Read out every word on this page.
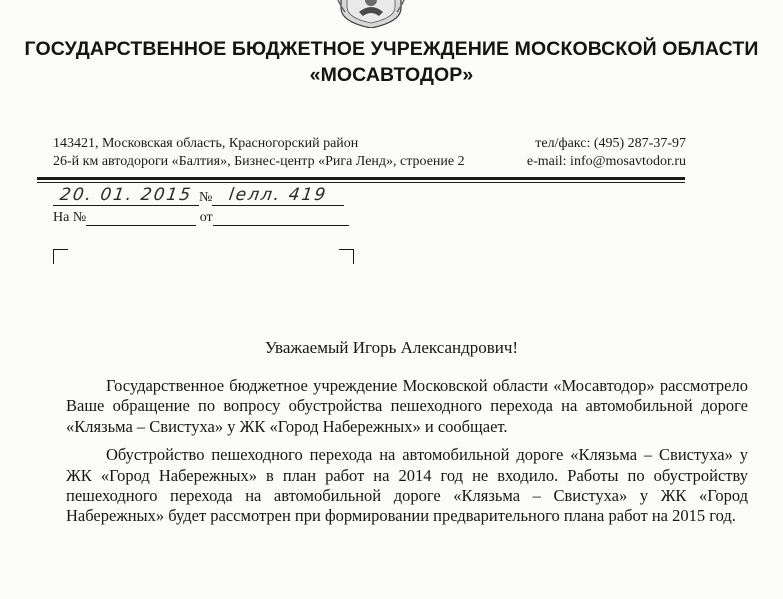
ГОСУДАРСТВЕННОЕ БЮДЖЕТНОЕ УЧРЕЖДЕНИЕ МОСКОВСКОЙ ОБЛАСТИ
«МОСАВТОДОР»
143421, Московская область, Красногорский район
26-й км автодороги «Балтия», Бизнес-центр «Рига Ленд», строение 2
тел/факс: (495) 287-37-97
e-mail: info@mosavtodor.ru
20. 01. 2015 № lелл. 419
На №	от

Уважаемый Игорь Александрович!

Государственное бюджетное учреждение Московской области «Мосавтодор» рассмотрело Ваше обращение по вопросу обустройства пешеходного перехода на автомобильной дороге «Клязьма – Свистуха» у ЖК «Город Набережных» и сообщает.

Обустройство пешеходного перехода на автомобильной дороге «Клязьма – Свистуха» у ЖК «Город Набережных» в план работ на 2014 год не входило. Работы по обустройству пешеходного перехода на автомобильной дороге «Клязьма – Свистуха» у ЖК «Город Набережных» будет рассмотрен при формировании предварительного плана работ на 2015 год.
